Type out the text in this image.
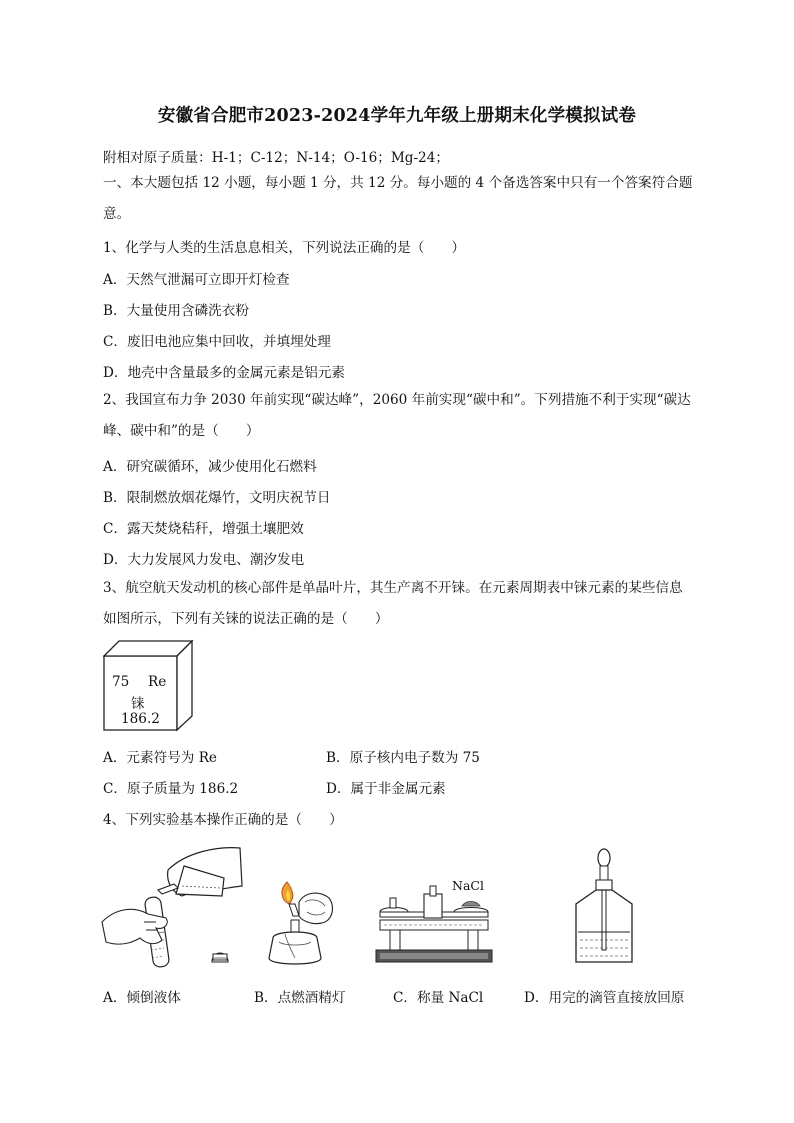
安徽省合肥市2023-2024学年九年级上册期末化学模拟试卷
附相对原子质量：H-1；C-12；N-14；O-16；Mg-24；
一、本大题包括 12 小题，每小题 1 分，共 12 分。每小题的 4 个备选答案中只有一个答案符合题意。
1、化学与人类的生活息息相关，下列说法正确的是（　　）
A．天然气泄漏可立即开灯检查
B．大量使用含磷洗衣粉
C．废旧电池应集中回收，并填埋处理
D．地壳中含量最多的金属元素是铝元素
2、我国宣布力争 2030 年前实现“碳达峰”，2060 年前实现“碳中和”。下列措施不利于实现“碳达峰、碳中和”的是（　　）
A．研究碳循环，减少使用化石燃料
B．限制燃放烟花爆竹，文明庆祝节日
C．露天焚烧秸秆，增强土壤肥效
D．大力发展风力发电、潮汐发电
3、航空航天发动机的核心部件是单晶叶片，其生产离不开铼。在元素周期表中铼元素的某些信息如图所示，下列有关铼的说法正确的是（　　）
75 Re
铼
186.2
A．元素符号为 Re	B．原子核内电子数为 75
C．原子质量为 186.2	D．属于非金属元素
4、下列实验基本操作正确的是（　　）
NaCl
A．倾倒液体	B．点燃酒精灯	C．称量 NaCl	D．用完的滴管直接放回原
